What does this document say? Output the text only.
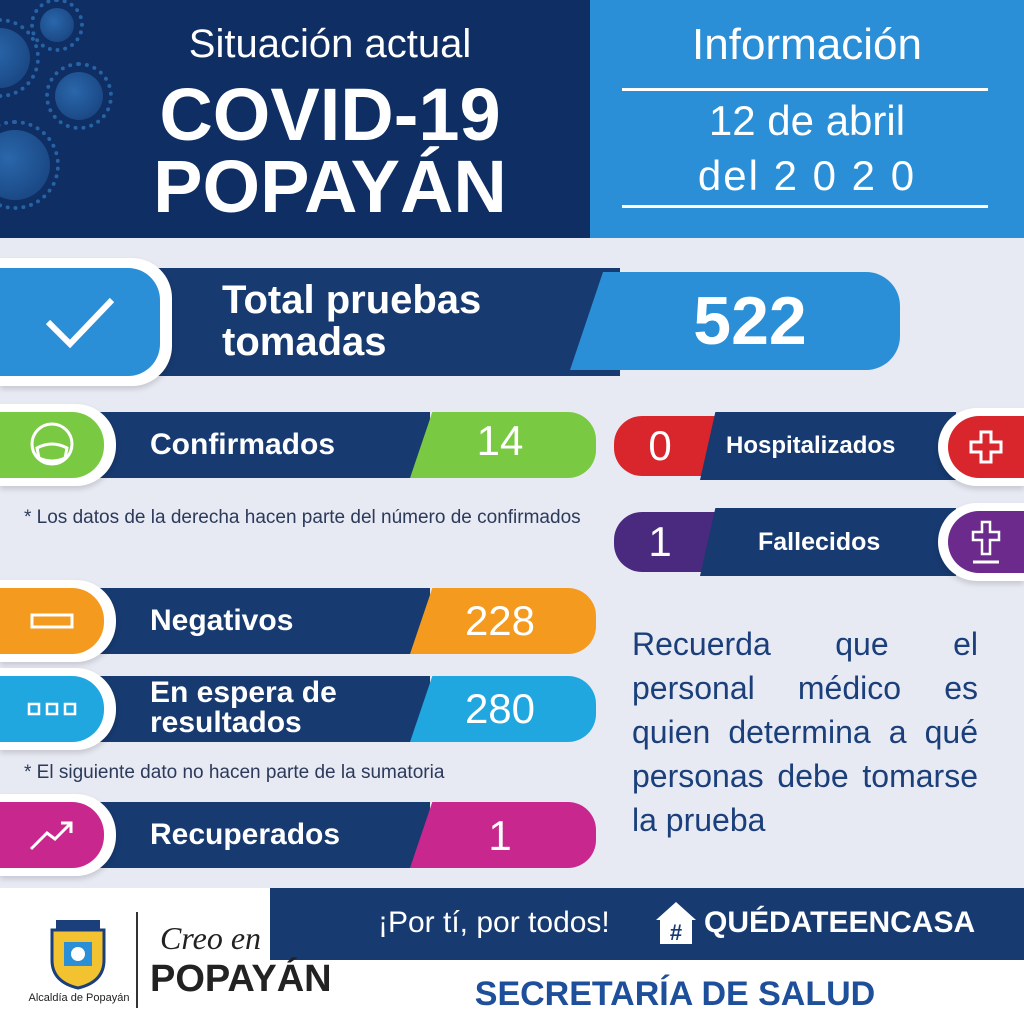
Situación actual
COVID-19
POPAYÁN
Información
12 de abril
del 2 0 2 0
Total pruebas
tomadas	522
Confirmados	14
* Los datos de la derecha hacen parte del número de confirmados
0	Hospitalizados
1	Fallecidos
Negativos	228
En espera de
resultados	280
* El siguiente dato no hacen parte de la sumatoria
Recuperados	1
Recuerda que el personal médico es quien determina a qué personas debe tomarse la prueba
¡Por tí, por todos!	# QUÉDATEENCASA
Alcaldía de Popayán
Creo en
POPAYÁN	SECRETARÍA DE SALUD
